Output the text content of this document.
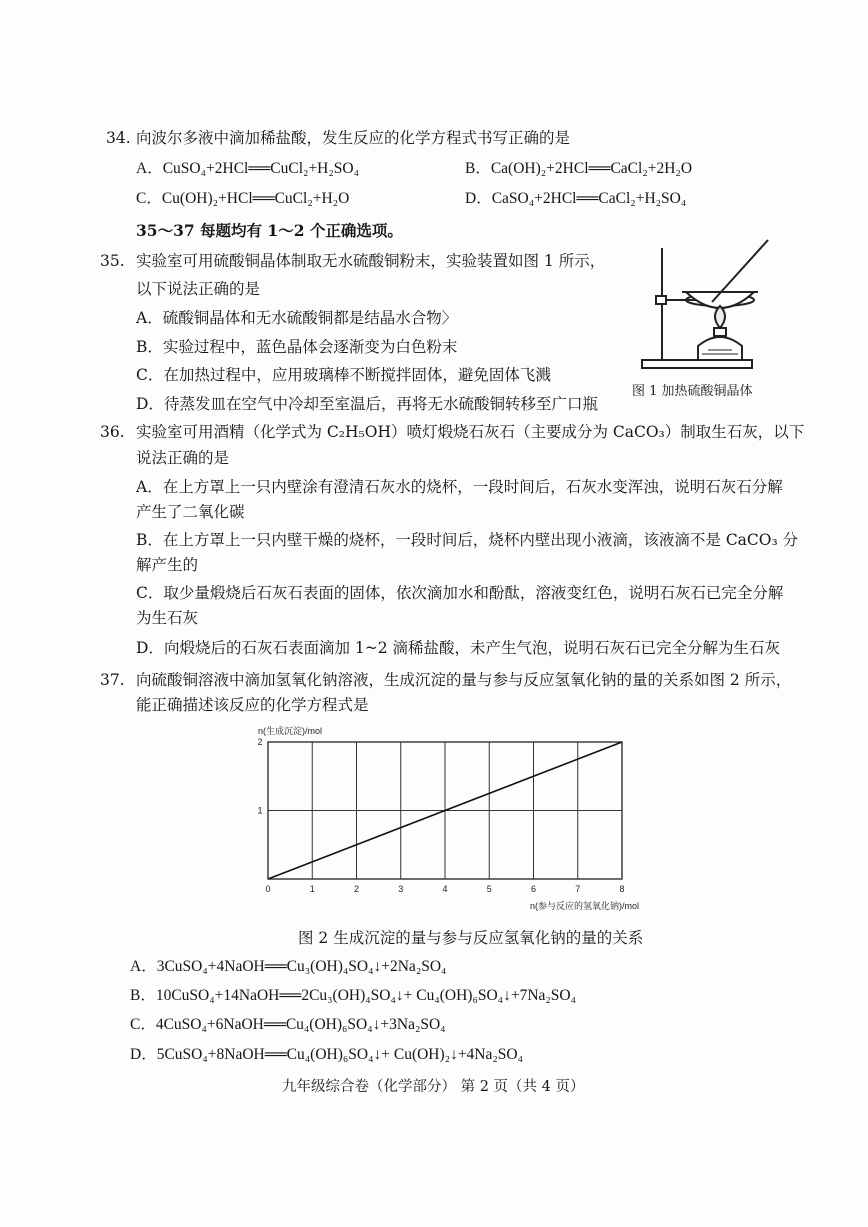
34. 向波尔多液中滴加稀盐酸，发生反应的化学方程式书写正确的是
A．CuSO₄+2HCl══CuCl₂+H₂SO₄	B．Ca(OH)₂+2HCl══CaCl₂+2H₂O
C．Cu(OH)₂+HCl══CuCl₂+H₂O	D．CaSO₄+2HCl══CaCl₂+H₂SO₄
35～37 每题均有 1～2 个正确选项。
35. 实验室可用硫酸铜晶体制取无水硫酸铜粉末，实验装置如图 1 所示，
以下说法正确的是
A．硫酸铜晶体和无水硫酸铜都是结晶水合物〉
B．实验过程中，蓝色晶体会逐渐变为白色粉末
C．在加热过程中，应用玻璃棒不断搅拌固体，避免固体飞溅
D．待蒸发皿在空气中冷却至室温后，再将无水硫酸铜转移至广口瓶
图 1 加热硫酸铜晶体
36. 实验室可用酒精（化学式为 C₂H₅OH）喷灯煅烧石灰石（主要成分为 CaCO₃）制取生石灰，以下
说法正确的是
A．在上方罩上一只内壁涂有澄清石灰水的烧杯，一段时间后，石灰水变浑浊，说明石灰石分解
产生了二氧化碳
B．在上方罩上一只内壁干燥的烧杯，一段时间后，烧杯内壁出现小液滴，该液滴不是 CaCO₃ 分
解产生的
C．取少量煅烧后石灰石表面的固体，依次滴加水和酚酞，溶液变红色，说明石灰石已完全分解
为生石灰
D．向煅烧后的石灰石表面滴加 1~2 滴稀盐酸，未产生气泡，说明石灰石已完全分解为生石灰
37. 向硫酸铜溶液中滴加氢氧化钠溶液，生成沉淀的量与参与反应氢氧化钠的量的关系如图 2 所示，
能正确描述该反应的化学方程式是
n(生成沉淀)/mol
0	1	2	3	4	5	6	7	8
1
2
n(参与反应的氢氧化钠)/mol
图 2 生成沉淀的量与参与反应氢氧化钠的量的关系
A．3CuSO₄+4NaOH══Cu₃(OH)₄SO₄↓+2Na₂SO₄
B．10CuSO₄+14NaOH══2Cu₃(OH)₄SO₄↓+ Cu₄(OH)₆SO₄↓+7Na₂SO₄
C．4CuSO₄+6NaOH══Cu₄(OH)₆SO₄↓+3Na₂SO₄
D．5CuSO₄+8NaOH══Cu₄(OH)₆SO₄↓+ Cu(OH)₂↓+4Na₂SO₄
九年级综合卷（化学部分） 第 2 页（共 4 页）
